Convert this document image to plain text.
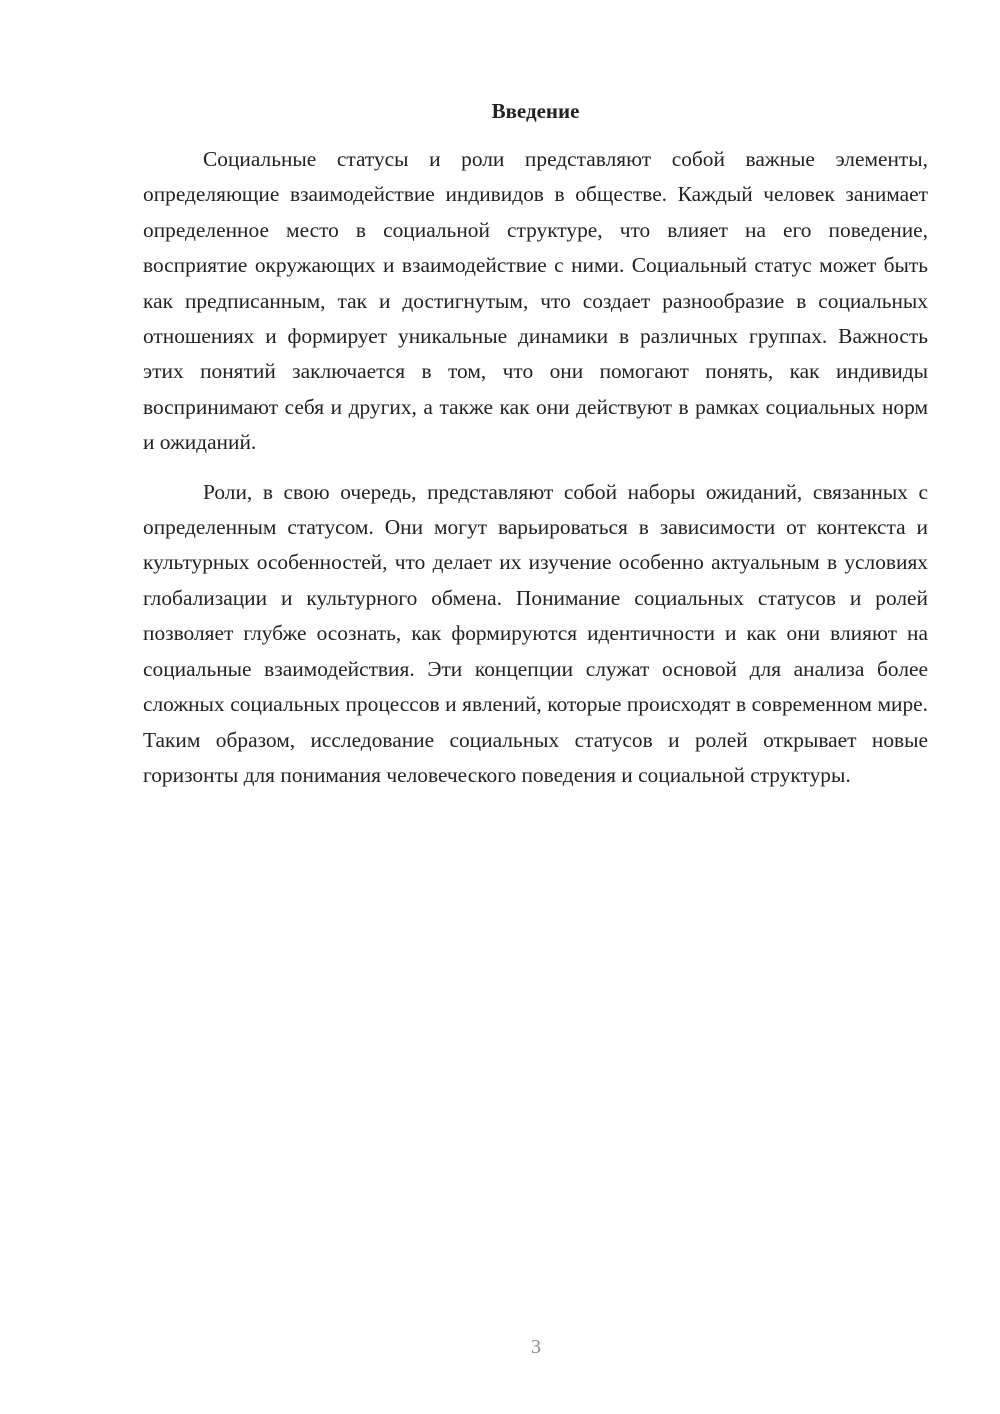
Введение

Социальные статусы и роли представляют собой важные элементы, определяющие взаимодействие индивидов в обществе. Каждый человек занимает определенное место в социальной структуре, что влияет на его поведение, восприятие окружающих и взаимодействие с ними. Социальный статус может быть как предписанным, так и достигнутым, что создает разнообразие в социальных отношениях и формирует уникальные динамики в различных группах. Важность этих понятий заключается в том, что они помогают понять, как индивиды воспринимают себя и других, а также как они действуют в рамках социальных норм и ожиданий.

Роли, в свою очередь, представляют собой наборы ожиданий, связанных с определенным статусом. Они могут варьироваться в зависимости от контекста и культурных особенностей, что делает их изучение особенно актуальным в условиях глобализации и культурного обмена. Понимание социальных статусов и ролей позволяет глубже осознать, как формируются идентичности и как они влияют на социальные взаимодействия. Эти концепции служат основой для анализа более сложных социальных процессов и явлений, которые происходят в современном мире. Таким образом, исследование социальных статусов и ролей открывает новые горизонты для понимания человеческого поведения и социальной структуры.

3
